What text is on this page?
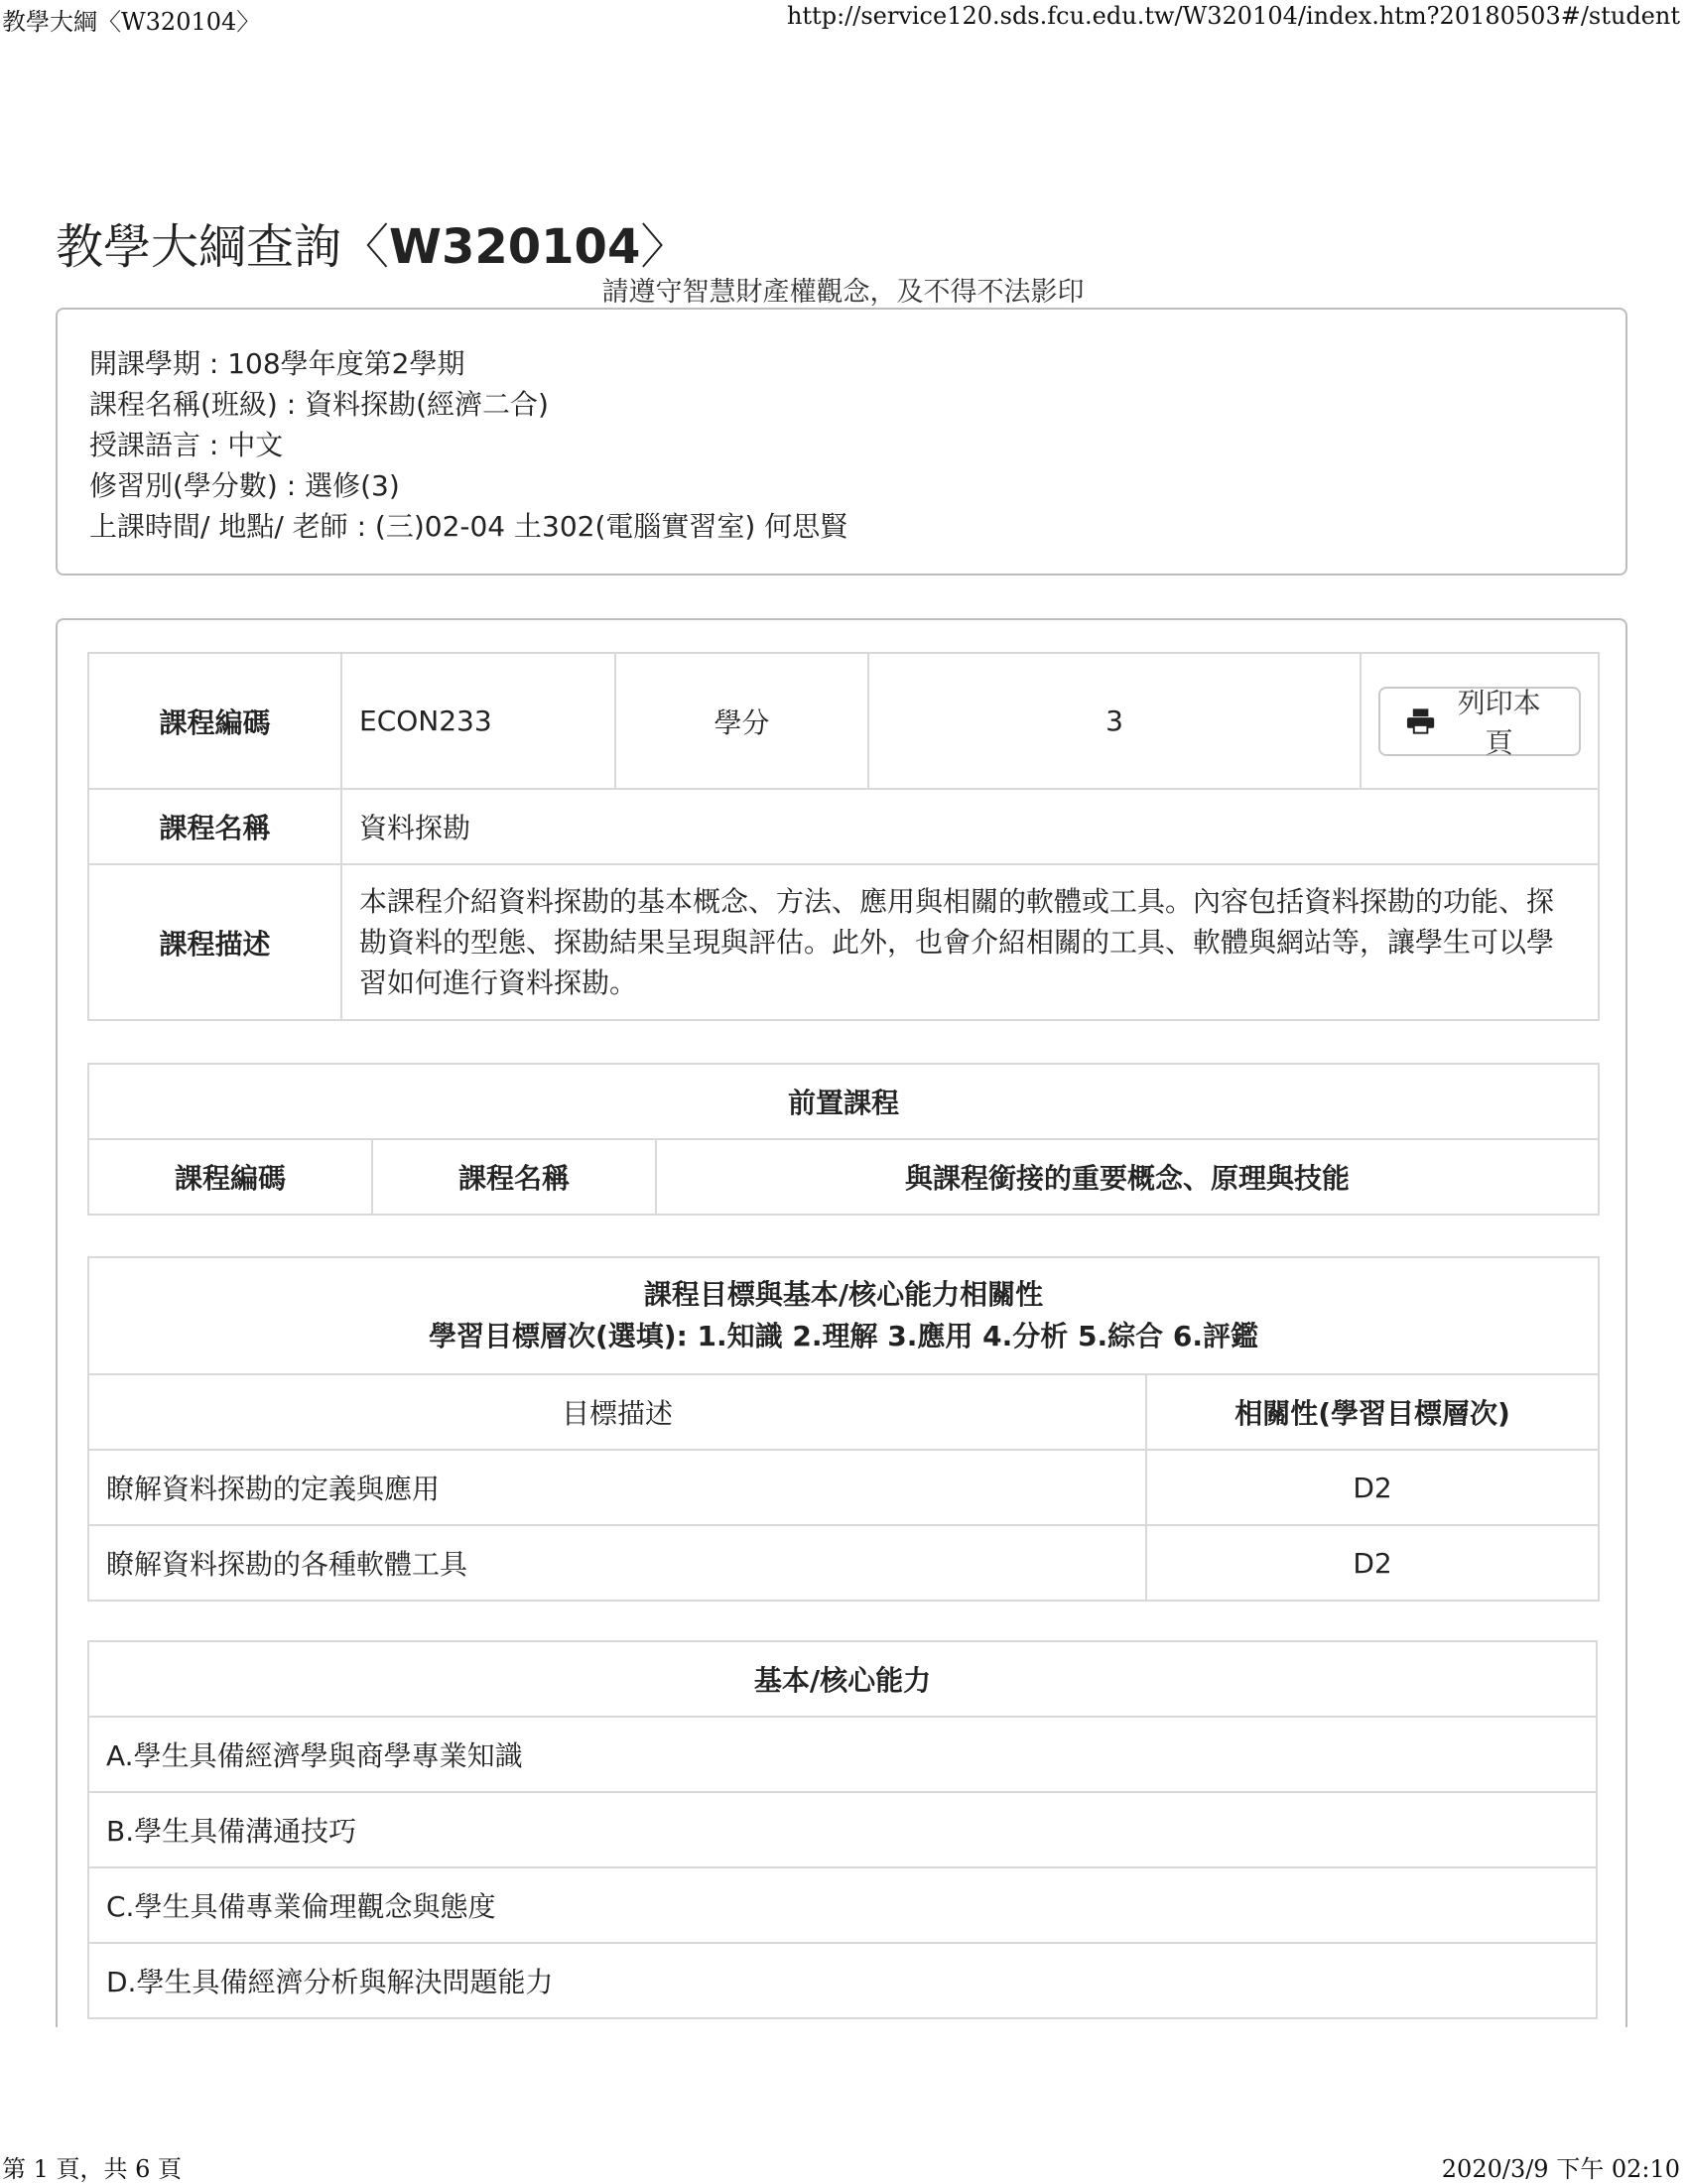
教學大綱〈W320104〉	http://service120.sds.fcu.edu.tw/W320104/index.htm?20180503#/student
教學大綱查詢〈W320104〉
請遵守智慧財產權觀念，及不得不法影印
開課學期 : 108學年度第2學期
課程名稱(班級) : 資料探勘(經濟二合)
授課語言 : 中文
修習別(學分數) : 選修(3)
上課時間/ 地點/ 老師 : (三)02-04 土302(電腦實習室) 何思賢
課程編碼	ECON233	學分	3	列印本頁

課程名稱	資料探勘			
課程描述	本課程介紹資料探勘的基本概念、方法、應用與相關的軟體或工具。內容包括資料探勘的功能、探勘資料的型態、探勘結果呈現與評估。此外，也會介紹相關的工具、軟體與網站等，讓學生可以學習如何進行資料探勘。			
前置課程
課程編碼	課程名稱	與課程銜接的重要概念、原理與技能
課程目標與基本/核心能力相關性
學習目標層次(選填): 1.知識 2.理解 3.應用 4.分析 5.綜合 6.評鑑	

目標描述	相關性(學習目標層次)
瞭解資料探勘的定義與應用	D2
瞭解資料探勘的各種軟體工具	D2
基本/核心能力
A.學生具備經濟學與商學專業知識
B.學生具備溝通技巧
C.學生具備專業倫理觀念與態度
D.學生具備經濟分析與解決問題能力
第 1 頁，共 6 頁	2020/3/9 下午 02:10
